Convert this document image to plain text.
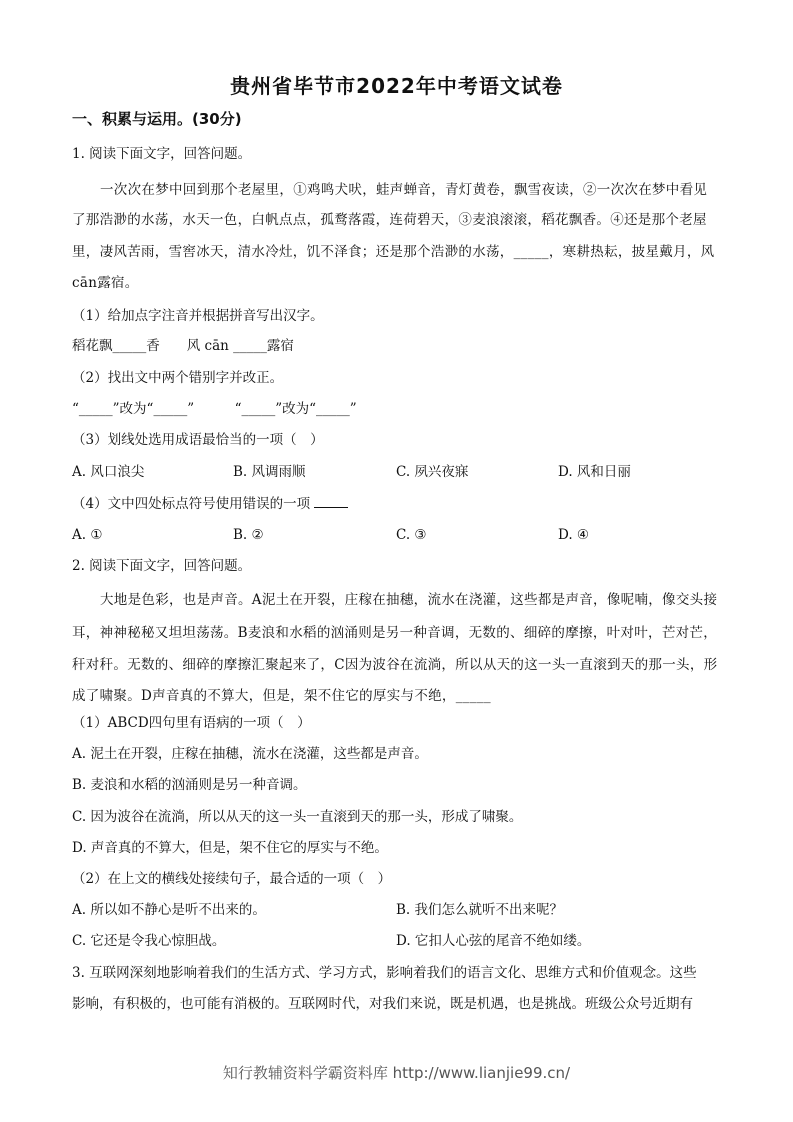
贵州省毕节市2022年中考语文试卷
一、积累与运用。(30分)
1. 阅读下面文字，回答问题。
一次次在梦中回到那个老屋里，①鸡鸣犬吠，蛙声蝉音，青灯黄卷，飘雪夜读，②一次次在梦中看见
了那浩渺的水荡，水天一色，白帆点点，孤鹜落霞，连荷碧天，③麦浪滚滚，稻花飘香。④还是那个老屋
里，凄风苦雨，雪窖冰天，清水冷灶，饥不泽食；还是那个浩渺的水荡，_____，寒耕热耘，披星戴月，风
cān露宿。
（1）给加点字注音并根据拼音写出汉字。
稻花飘_____香　　风 cān _____露宿
（2）找出文中两个错别字并改正。
“_____”改为“_____”　　　“_____”改为“_____”
（3）划线处选用成语最恰当的一项（　）
A. 风口浪尖	B. 风调雨顺	C. 夙兴夜寐	D. 风和日丽
（4）文中四处标点符号使用错误的一项
A. ①	B. ②	C. ③	D. ④
2. 阅读下面文字，回答问题。
大地是色彩，也是声音。A泥土在开裂，庄稼在抽穗，流水在浇灌，这些都是声音，像呢喃，像交头接
耳，神神秘秘又坦坦荡荡。B麦浪和水稻的汹涌则是另一种音调，无数的、细碎的摩擦，叶对叶，芒对芒，
秆对秆。无数的、细碎的摩擦汇聚起来了，C因为波谷在流淌，所以从天的这一头一直滚到天的那一头，形
成了啸聚。D声音真的不算大，但是，架不住它的厚实与不绝，_____
（1）ABCD四句里有语病的一项（　）
A. 泥土在开裂，庄稼在抽穗，流水在浇灌，这些都是声音。
B. 麦浪和水稻的汹涌则是另一种音调。
C. 因为波谷在流淌，所以从天的这一头一直滚到天的那一头，形成了啸聚。
D. 声音真的不算大，但是，架不住它的厚实与不绝。
（2）在上文的横线处接续句子，最合适的一项（　）
A. 所以如不静心是听不出来的。	B. 我们怎么就听不出来呢？
C. 它还是令我心惊胆战。	D. 它扣人心弦的尾音不绝如缕。
3. 互联网深刻地影响着我们的生活方式、学习方式，影响着我们的语言文化、思维方式和价值观念。这些
影响，有积极的，也可能有消极的。互联网时代，对我们来说，既是机遇，也是挑战。班级公众号近期有
知行教辅资料学霸资料库 http://www.lianjie99.cn/
